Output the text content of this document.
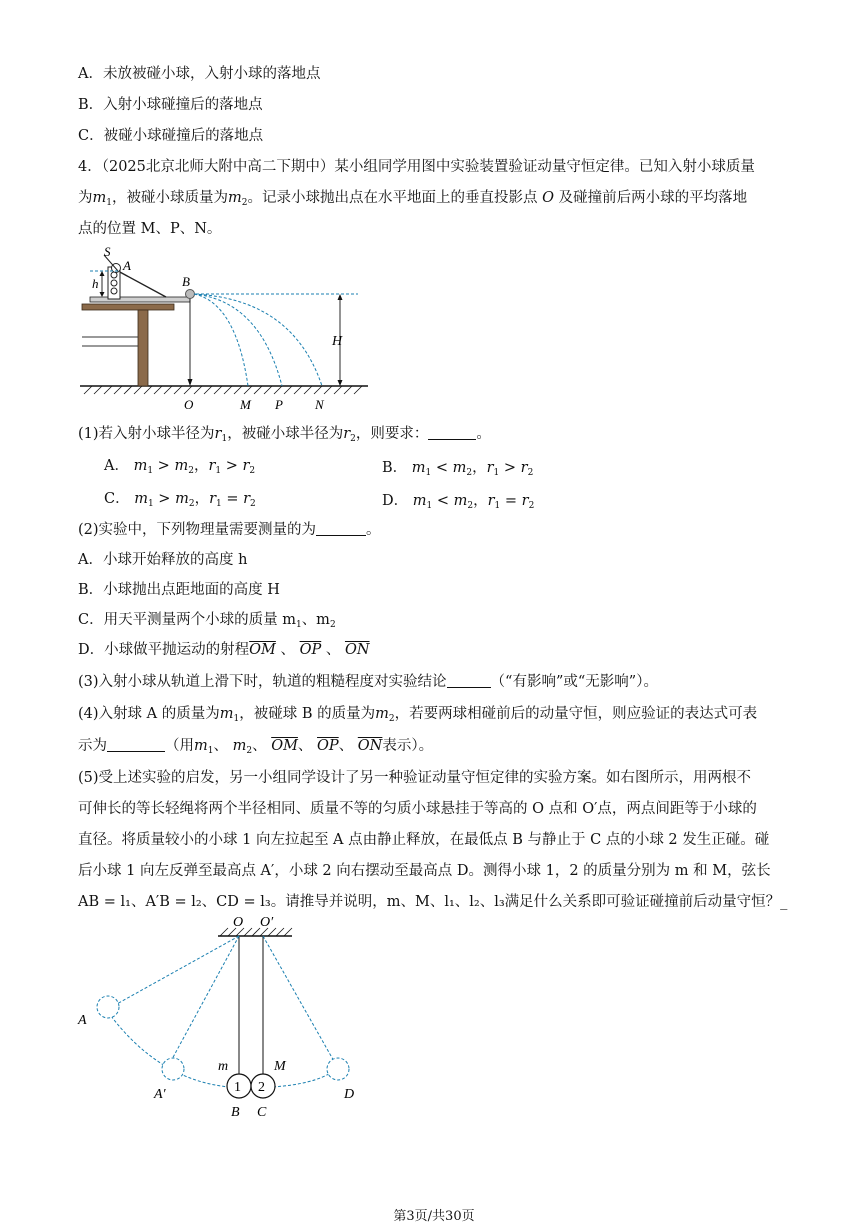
A．未放被碰小球，入射小球的落地点
B．入射小球碰撞后的落地点
C．被碰小球碰撞后的落地点
4．（2025北京北师大附中高二下期中）某小组同学用图中实验装置验证动量守恒定律。已知入射小球质量
为$m_1$，被碰小球质量为$m_2$。记录小球抛出点在水平地面上的垂直投影点 O 及碰撞前后两小球的平均落地
点的位置 M、P、N。
S
A
h	B
H
O	M P N
(1)若入射小球半径为$r_1$，被碰小球半径为$r_2$，则要求：	。
A． $m_1 > m_2$，$r_1 > r_2$	B． $m_1 < m_2$，$r_1 > r_2$
C． $m_1 > m_2$，$r_1 = r_2$	D． $m_1 < m_2$，$r_1 = r_2$
(2)实验中，下列物理量需要测量的为	。
A．小球开始释放的高度 h
B．小球抛出点距地面的高度 H
C．用天平测量两个小球的质量 $m_1$、$m_2$
D．小球做平抛运动的射程$\overline{OM}$ 、 $\overline{OP}$ 、 $\overline{ON}$
(3)入射小球从轨道上滑下时，轨道的粗糙程度对实验结论	（“有影响”或“无影响”）。
(4)入射球 A 的质量为$m_1$，被碰球 B 的质量为$m_2$，若要两球相碰前后的动量守恒，则应验证的表达式可表
示为	（用$m_1$、 $m_2$、 $\overline{OM}$、 $\overline{OP}$、 $\overline{ON}$表示）。
(5)受上述实验的启发，另一小组同学设计了另一种验证动量守恒定律的实验方案。如右图所示，用两根不
可伸长的等长轻绳将两个半径相同、质量不等的匀质小球悬挂于等高的 O 点和 O′点，两点间距等于小球的
直径。将质量较小的小球 1 向左拉起至 A 点由静止释放，在最低点 B 与静止于 C 点的小球 2 发生正碰。碰
后小球 1 向左反弹至最高点 A′，小球 2 向右摆动至最高点 D。测得小球 1，2 的质量分别为 m 和 M，弦长
AB = l₁、A′B = l₂、CD = l₃。请推导并说明，m、M、l₁、l₂、l₃满足什么关系即可验证碰撞前后动量守恒？_
1 2
O O′
A
A′	D
m	M
B C
第3页/共30页
